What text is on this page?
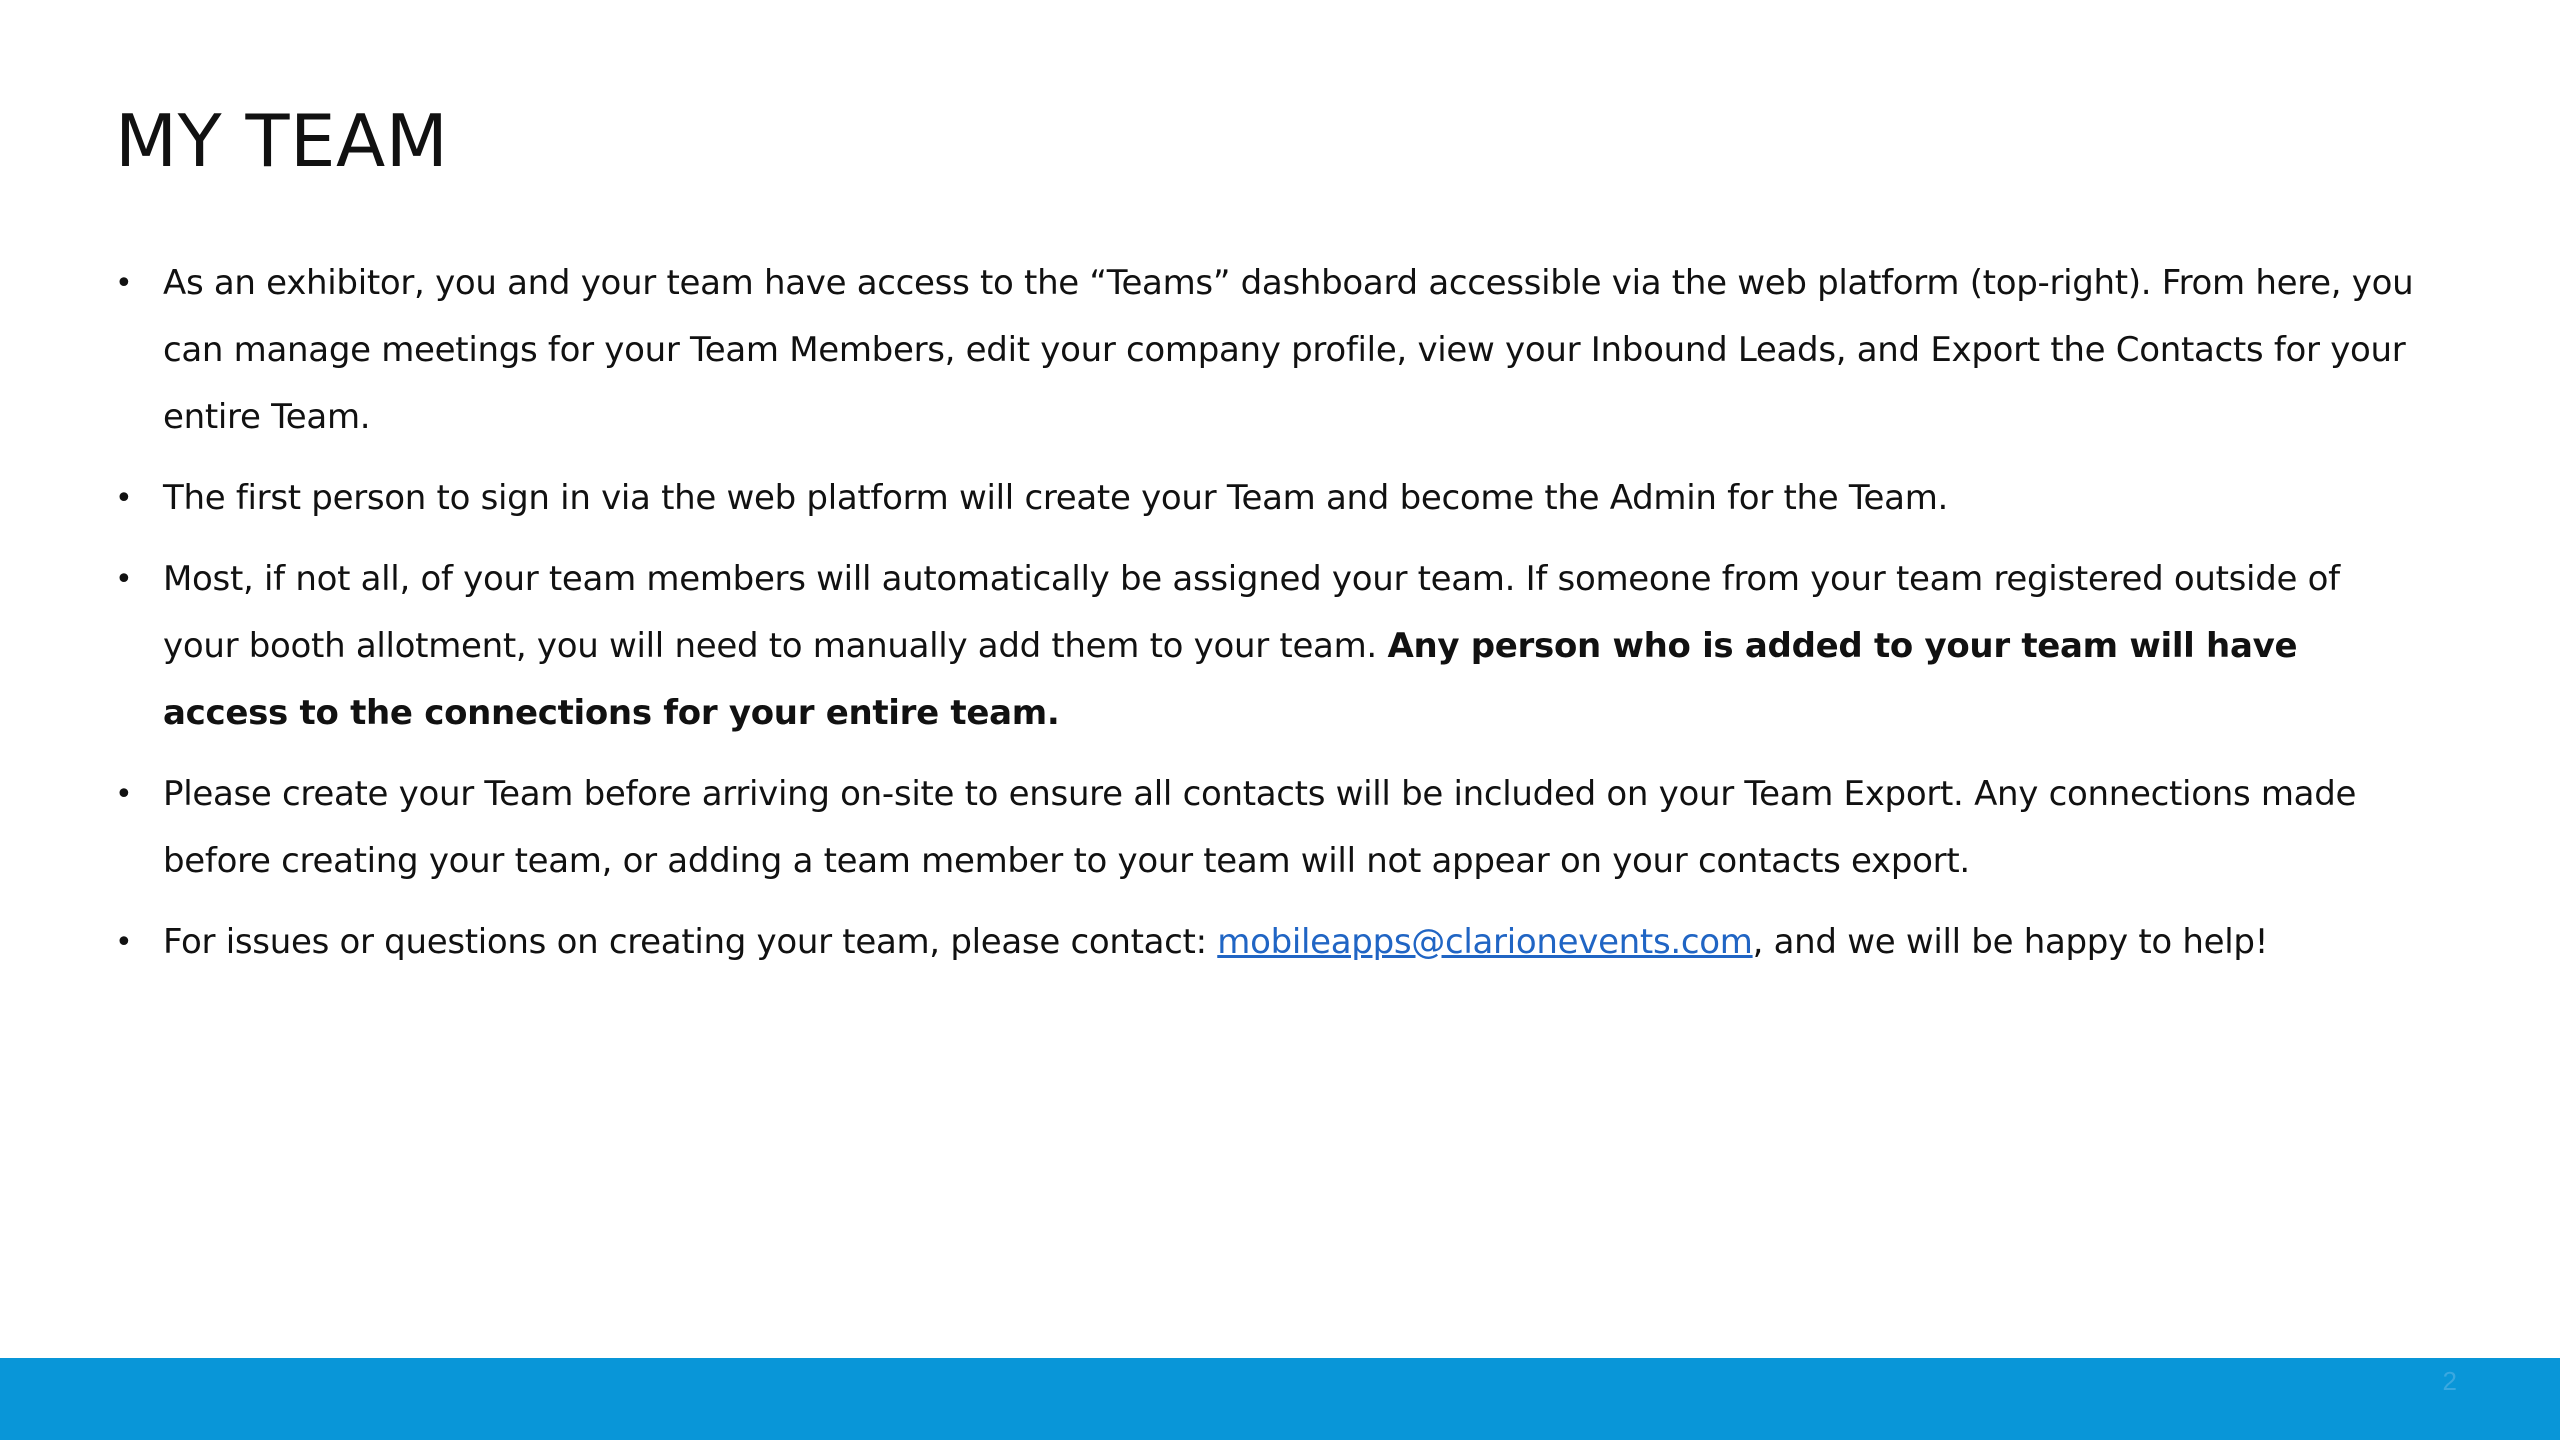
MY TEAM
• As an exhibitor, you and your team have access to the “Teams” dashboard accessible via the web platform (top-right). From here, you can manage meetings for your Team Members, edit your company profile, view your Inbound Leads, and Export the Contacts for your entire Team.
• The first person to sign in via the web platform will create your Team and become the Admin for the Team.
• Most, if not all, of your team members will automatically be assigned your team. If someone from your team registered outside of your booth allotment, you will need to manually add them to your team. Any person who is added to your team will have access to the connections for your entire team.
• Please create your Team before arriving on-site to ensure all contacts will be included on your Team Export. Any connections made before creating your team, or adding a team member to your team will not appear on your contacts export.
• For issues or questions on creating your team, please contact: mobileapps@clarionevents.com, and we will be happy to help!
2
